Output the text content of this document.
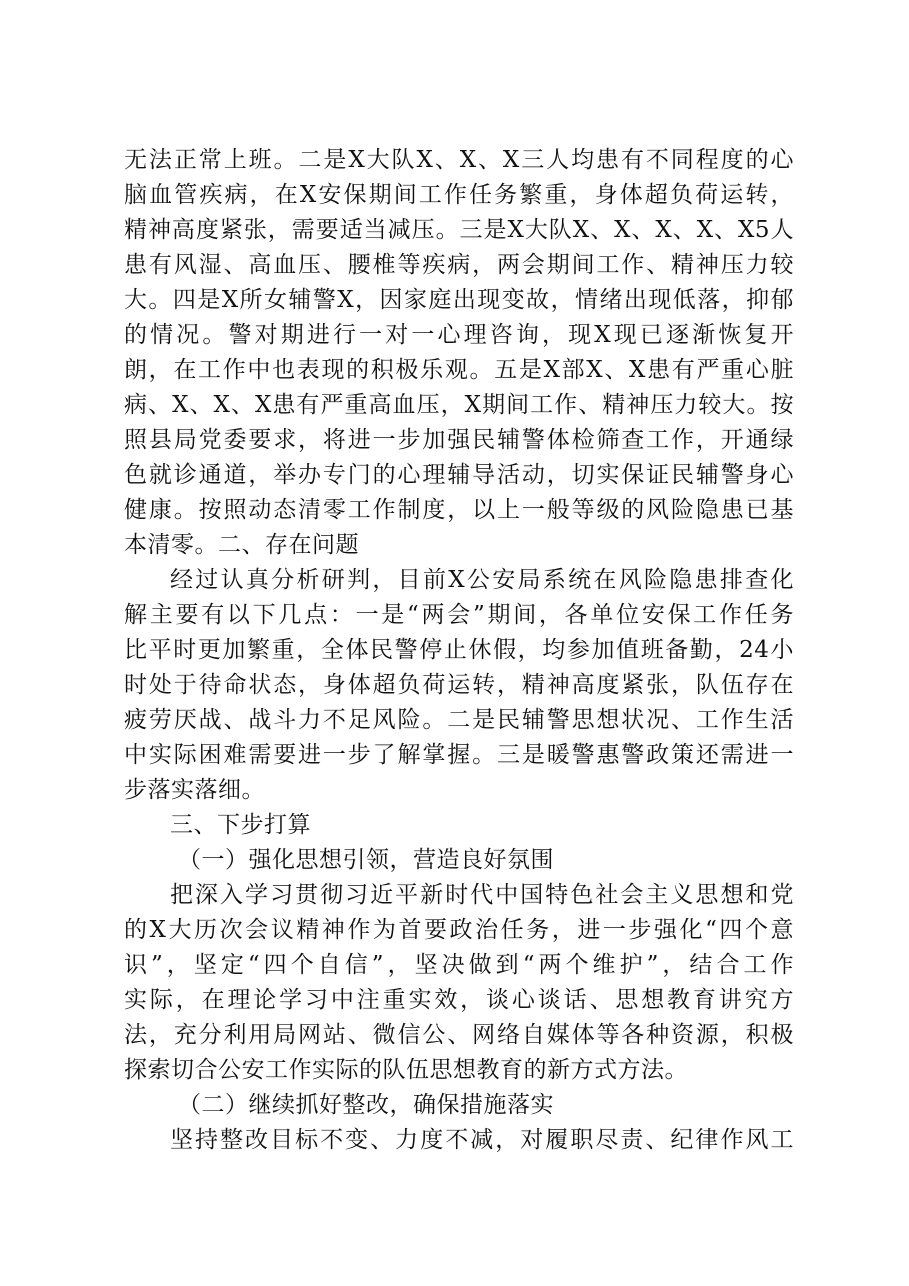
无法正常上班。二是X大队X、X、X三人均患有不同程度的心
脑血管疾病，在X安保期间工作任务繁重，身体超负荷运转，
精神高度紧张，需要适当减压。三是X大队X、X、X、X、X5人
患有风湿、高血压、腰椎等疾病，两会期间工作、精神压力较
大。四是X所女辅警X，因家庭出现变故，情绪出现低落，抑郁
的情况。警对期进行一对一心理咨询，现X现已逐渐恢复开
朗，在工作中也表现的积极乐观。五是X部X、X患有严重心脏
病、X、X、X患有严重高血压，X期间工作、精神压力较大。按
照县局党委要求，将进一步加强民辅警体检筛查工作，开通绿
色就诊通道，举办专门的心理辅导活动，切实保证民辅警身心
健康。按照动态清零工作制度，以上一般等级的风险隐患已基
本清零。二、存在问题
经过认真分析研判，目前X公安局系统在风险隐患排查化
解主要有以下几点：一是“两会”期间，各单位安保工作任务
比平时更加繁重，全体民警停止休假，均参加值班备勤，24小
时处于待命状态，身体超负荷运转，精神高度紧张，队伍存在
疲劳厌战、战斗力不足风险。二是民辅警思想状况、工作生活
中实际困难需要进一步了解掌握。三是暖警惠警政策还需进一
步落实落细。
三、下步打算
（一）强化思想引领，营造良好氛围
把深入学习贯彻习近平新时代中国特色社会主义思想和党
的X大历次会议精神作为首要政治任务，进一步强化“四个意
识”，坚定“四个自信”，坚决做到“两个维护”，结合工作
实际，在理论学习中注重实效，谈心谈话、思想教育讲究方
法，充分利用局网站、微信公、网络自媒体等各种资源，积极
探索切合公安工作实际的队伍思想教育的新方式方法。
（二）继续抓好整改，确保措施落实
坚持整改目标不变、力度不减，对履职尽责、纪律作风工
